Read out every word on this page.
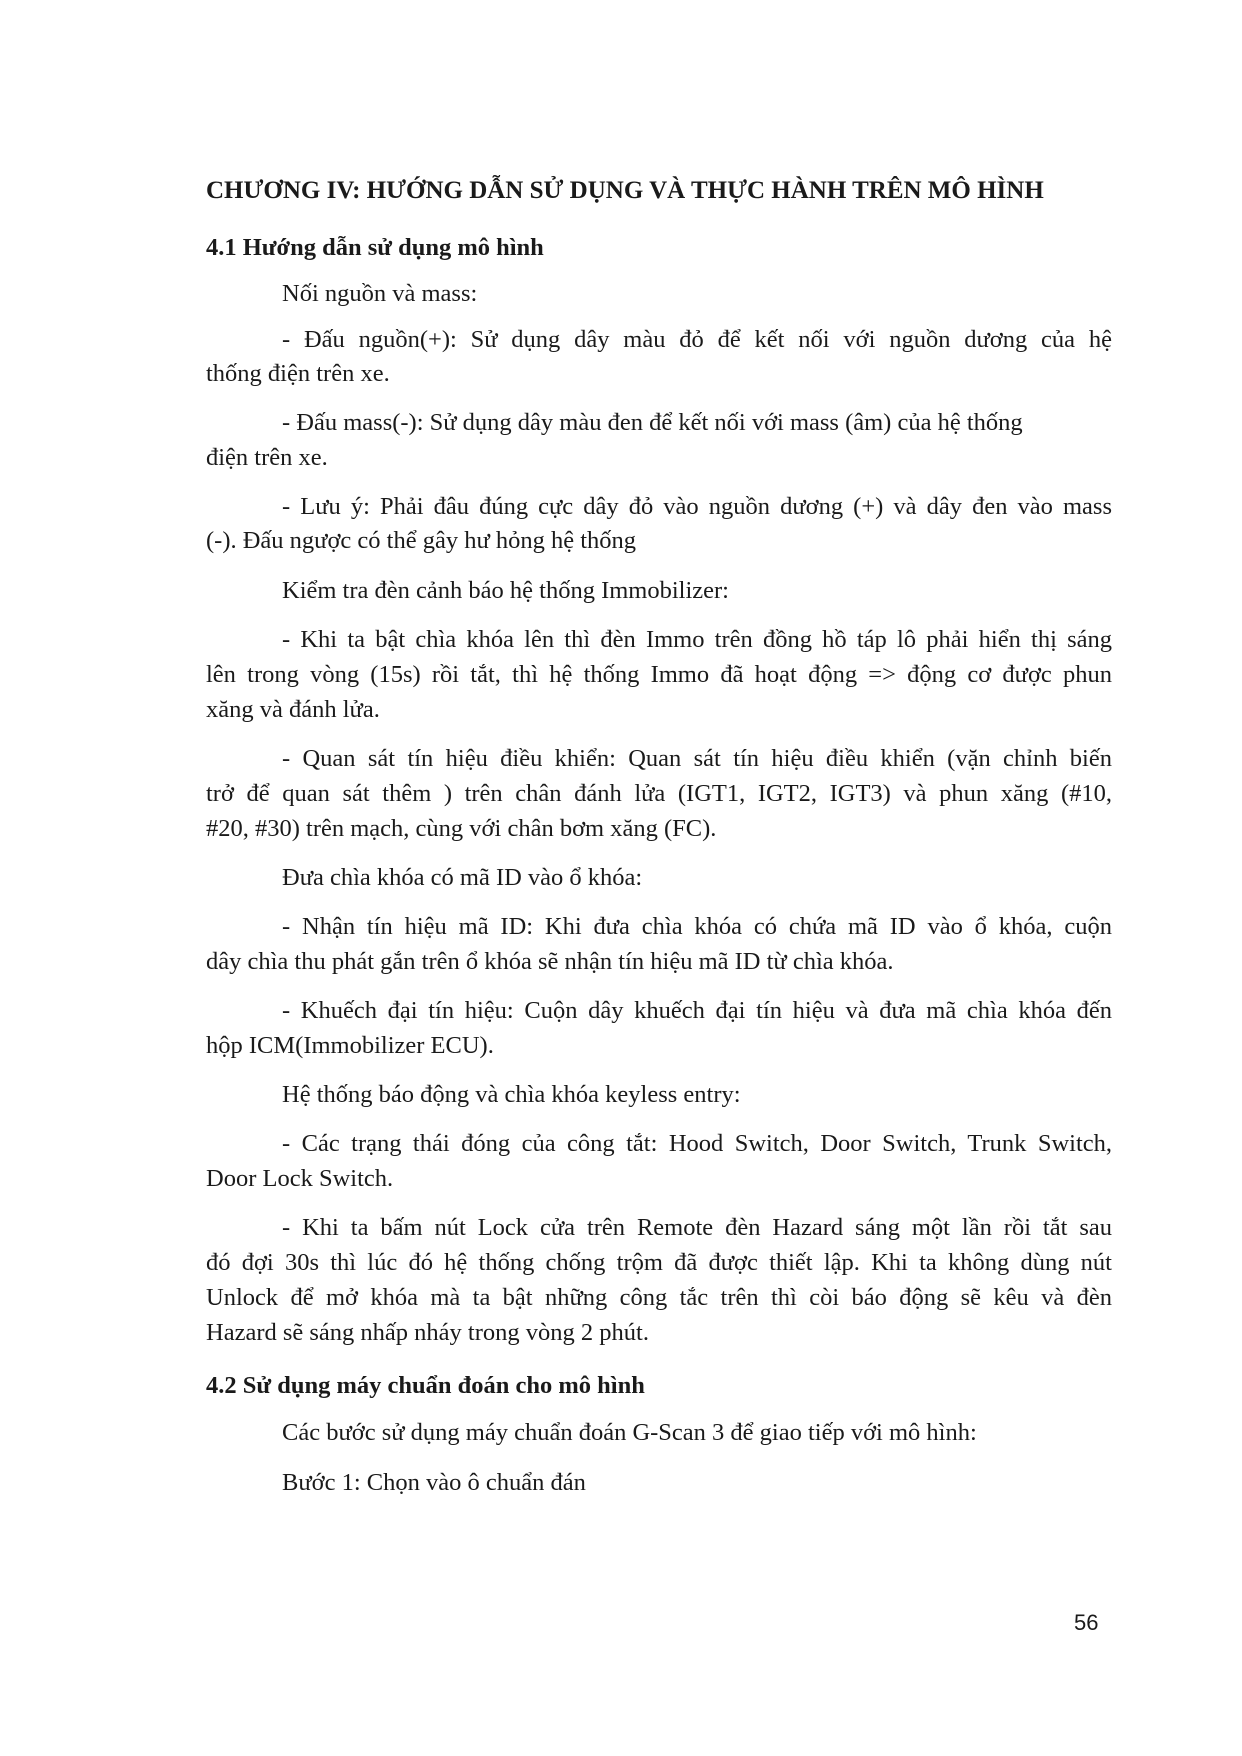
CHƯƠNG IV: HƯỚNG DẪN SỬ DỤNG VÀ THỰC HÀNH TRÊN MÔ HÌNH
4.1 Hướng dẫn sử dụng mô hình
Nối nguồn và mass:
- Đấu nguồn(+): Sử dụng dây màu đỏ để kết nối với nguồn dương của hệ
thống điện trên xe.
- Đấu mass(-): Sử dụng dây màu đen để kết nối với mass (âm) của hệ thống
điện trên xe.
- Lưu ý: Phải đâu đúng cực dây đỏ vào nguồn dương (+) và dây đen vào mass
(-). Đấu ngược có thể gây hư hỏng hệ thống
Kiểm tra đèn cảnh báo hệ thống Immobilizer:
- Khi ta bật chìa khóa lên thì đèn Immo trên đồng hồ táp lô phải hiển thị sáng
lên trong vòng (15s) rồi tắt, thì hệ thống Immo đã hoạt động => động cơ được phun
xăng và đánh lửa.
- Quan sát tín hiệu điều khiển: Quan sát tín hiệu điều khiển (vặn chỉnh biến
trở để quan sát thêm ) trên chân đánh lửa (IGT1, IGT2, IGT3) và phun xăng (#10,
#20, #30) trên mạch, cùng với chân bơm xăng (FC).
Đưa chìa khóa có mã ID vào ổ khóa:
- Nhận tín hiệu mã ID: Khi đưa chìa khóa có chứa mã ID vào ổ khóa, cuộn
dây chìa thu phát gắn trên ổ khóa sẽ nhận tín hiệu mã ID từ chìa khóa.
- Khuếch đại tín hiệu: Cuộn dây khuếch đại tín hiệu và đưa mã chìa khóa đến
hộp ICM(Immobilizer ECU).
Hệ thống báo động và chìa khóa keyless entry:
- Các trạng thái đóng của công tắt: Hood Switch, Door Switch, Trunk Switch,
Door Lock Switch.
- Khi ta bấm nút Lock cửa trên Remote đèn Hazard sáng một lần rồi tắt sau
đó đợi 30s thì lúc đó hệ thống chống trộm đã được thiết lập. Khi ta không dùng nút
Unlock để mở khóa mà ta bật những công tắc trên thì còi báo động sẽ kêu và đèn
Hazard sẽ sáng nhấp nháy trong vòng 2 phút.
4.2 Sử dụng máy chuẩn đoán cho mô hình
Các bước sử dụng máy chuẩn đoán G-Scan 3 để giao tiếp với mô hình:
Bước 1: Chọn vào ô chuẩn đán
56
